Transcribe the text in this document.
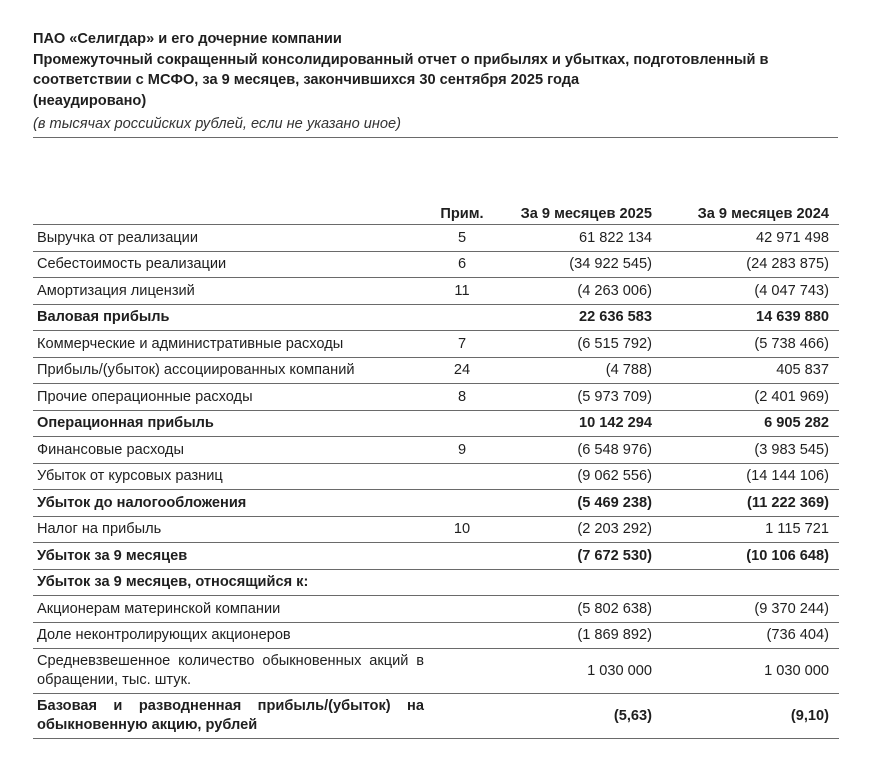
ПАО «Селигдар» и его дочерние компании
Промежуточный сокращенный консолидированный отчет о прибылях и убытках, подготовленный в
соответствии с МСФО, за 9 месяцев, закончившихся 30 сентября 2025 года
(неаудировано)
(в тысячах российских рублей, если не указано иное)
	Прим.	За 9 месяцев 2025	За 9 месяцев 2024
Выручка от реализации	5	61 822 134	42 971 498
Себестоимость реализации	6	(34 922 545)	(24 283 875)
Амортизация лицензий	11	(4 263 006)	(4 047 743)
Валовая прибыль		22 636 583	14 639 880
Коммерческие и административные расходы	7	(6 515 792)	(5 738 466)
Прибыль/(убыток) ассоциированных компаний	24	(4 788)	405 837
Прочие операционные расходы	8	(5 973 709)	(2 401 969)
Операционная прибыль		10 142 294	6 905 282
Финансовые расходы	9	(6 548 976)	(3 983 545)
Убыток от курсовых разниц		(9 062 556)	(14 144 106)
Убыток до налогообложения		(5 469 238)	(11 222 369)
Налог на прибыль	10	(2 203 292)	1 115 721
Убыток за 9 месяцев		(7 672 530)	(10 106 648)
Убыток за 9 месяцев, относящийся к:			
Акционерам материнской компании		(5 802 638)	(9 370 244)
Доле неконтролирующих акционеров		(1 869 892)	(736 404)
Средневзвешенное количество обыкновенных акций в обращении, тыс. штук.		1 030 000	1 030 000
Базовая и разводненная прибыль/(убыток) на обыкновенную акцию, рублей		(5,63)	(9,10)
